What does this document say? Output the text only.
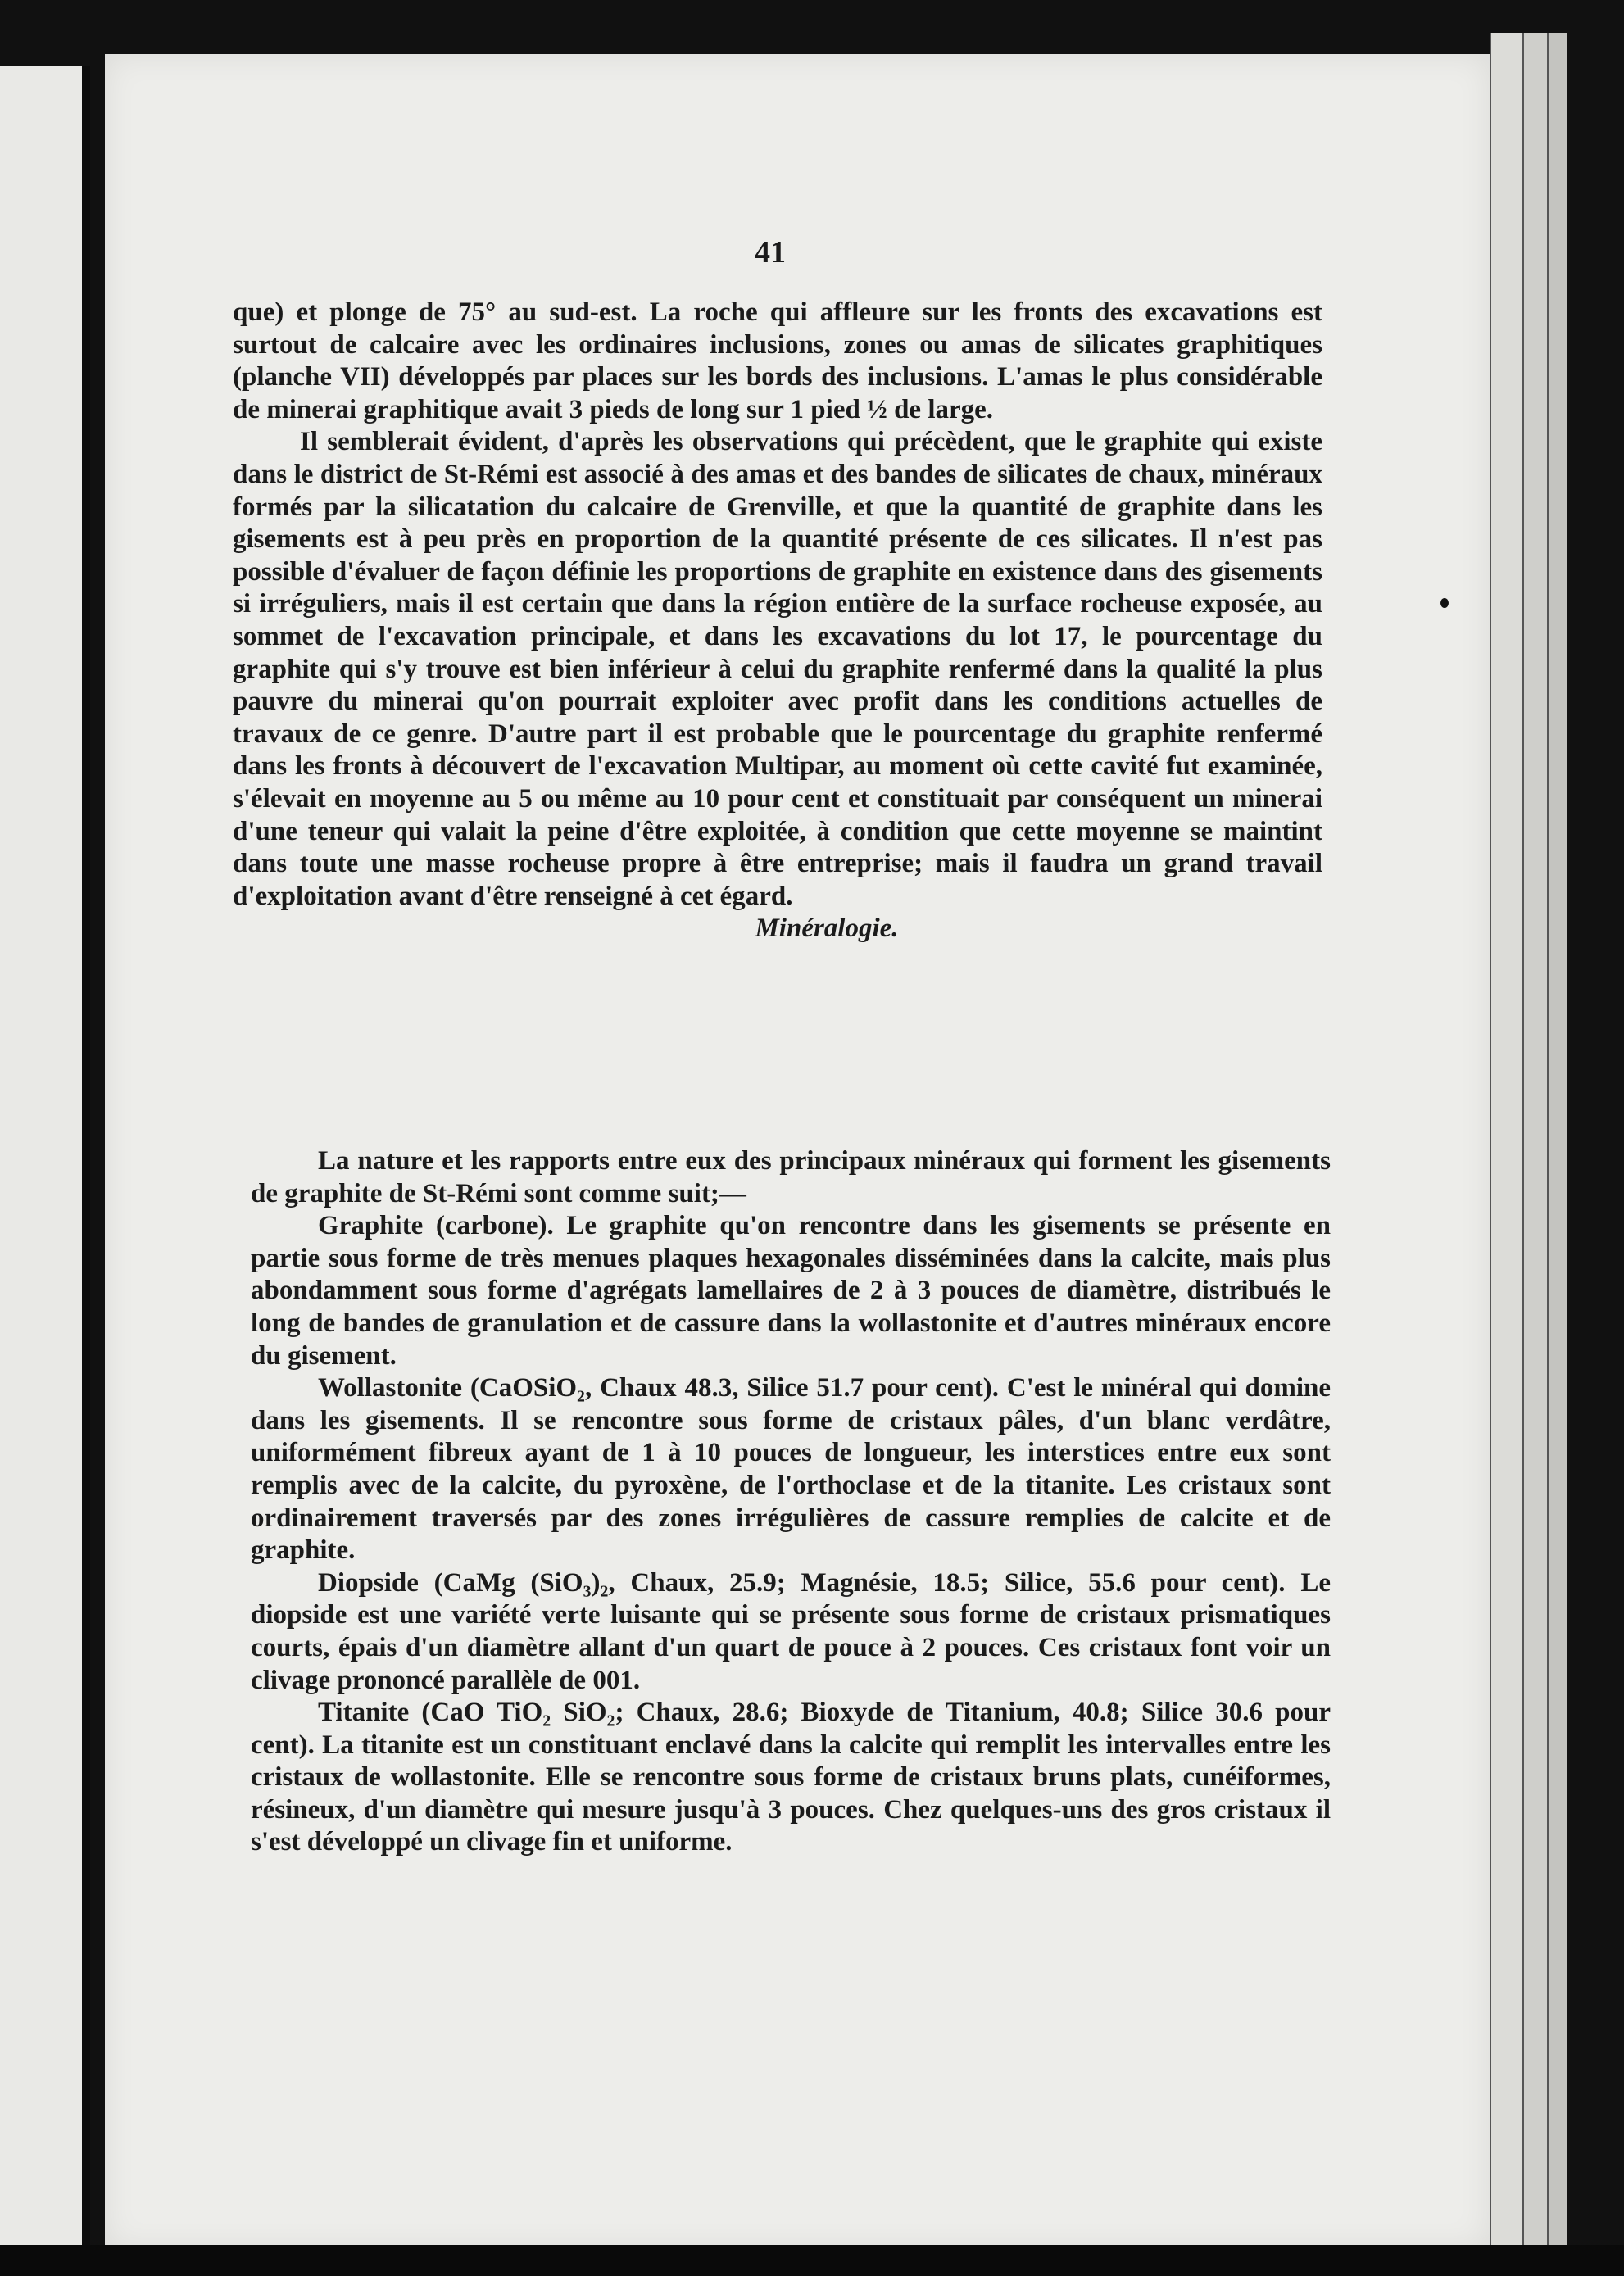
41

que) et plonge de 75° au sud-est. La roche qui affleure sur les fronts des excavations est surtout de calcaire avec les ordinaires inclusions, zones ou amas de silicates graphitiques (planche VII) développés par places sur les bords des inclusions. L'amas le plus considérable de minerai graphitique avait 3 pieds de long sur 1 pied ½ de large.

Il semblerait évident, d'après les observations qui précèdent, que le graphite qui existe dans le district de St-Rémi est associé à des amas et des bandes de silicates de chaux, minéraux formés par la silicatation du calcaire de Grenville, et que la quantité de graphite dans les gisements est à peu près en proportion de la quantité présente de ces silicates. Il n'est pas possible d'évaluer de façon définie les proportions de graphite en existence dans des gisements si irréguliers, mais il est certain que dans la région entière de la surface rocheuse exposée, au sommet de l'excavation principale, et dans les excavations du lot 17, le pourcentage du graphite qui s'y trouve est bien inférieur à celui du graphite renfermé dans la qualité la plus pauvre du minerai qu'on pourrait exploiter avec profit dans les conditions actuelles de travaux de ce genre. D'autre part il est probable que le pourcentage du graphite renfermé dans les fronts à découvert de l'excavation Multipar, au moment où cette cavité fut examinée, s'élevait en moyenne au 5 ou même au 10 pour cent et constituait par conséquent un minerai d'une teneur qui valait la peine d'être exploitée, à condition que cette moyenne se maintint dans toute une masse rocheuse propre à être entreprise; mais il faudra un grand travail d'exploitation avant d'être renseigné à cet égard.

Minéralogie.

La nature et les rapports entre eux des principaux minéraux qui forment les gisements de graphite de St-Rémi sont comme suit;—

Graphite (carbone). Le graphite qu'on rencontre dans les gisements se présente en partie sous forme de très menues plaques hexagonales disséminées dans la calcite, mais plus abondamment sous forme d'agrégats lamellaires de 2 à 3 pouces de diamètre, distribués le long de bandes de granulation et de cassure dans la wollastonite et d'autres minéraux encore du gisement.

Wollastonite (CaOSiO₂, Chaux 48.3, Silice 51.7 pour cent). C'est le minéral qui domine dans les gisements. Il se rencontre sous forme de cristaux pâles, d'un blanc verdâtre, uniformément fibreux ayant de 1 à 10 pouces de longueur, les interstices entre eux sont remplis avec de la calcite, du pyroxène, de l'orthoclase et de la titanite. Les cristaux sont ordinairement traversés par des zones irrégulières de cassure remplies de calcite et de graphite.

Diopside (CaMg (SiO₃)₂, Chaux, 25.9; Magnésie, 18.5; Silice, 55.6 pour cent). Le diopside est une variété verte luisante qui se présente sous forme de cristaux prismatiques courts, épais d'un diamètre allant d'un quart de pouce à 2 pouces. Ces cristaux font voir un clivage prononcé parallèle de 001.

Titanite (CaO TiO₂ SiO₂; Chaux, 28.6; Bioxyde de Titanium, 40.8; Silice 30.6 pour cent). La titanite est un constituant enclavé dans la calcite qui remplit les intervalles entre les cristaux de wollastonite. Elle se rencontre sous forme de cristaux bruns plats, cunéiformes, résineux, d'un diamètre qui mesure jusqu'à 3 pouces. Chez quelques-uns des gros cristaux il s'est développé un clivage fin et uniforme.
